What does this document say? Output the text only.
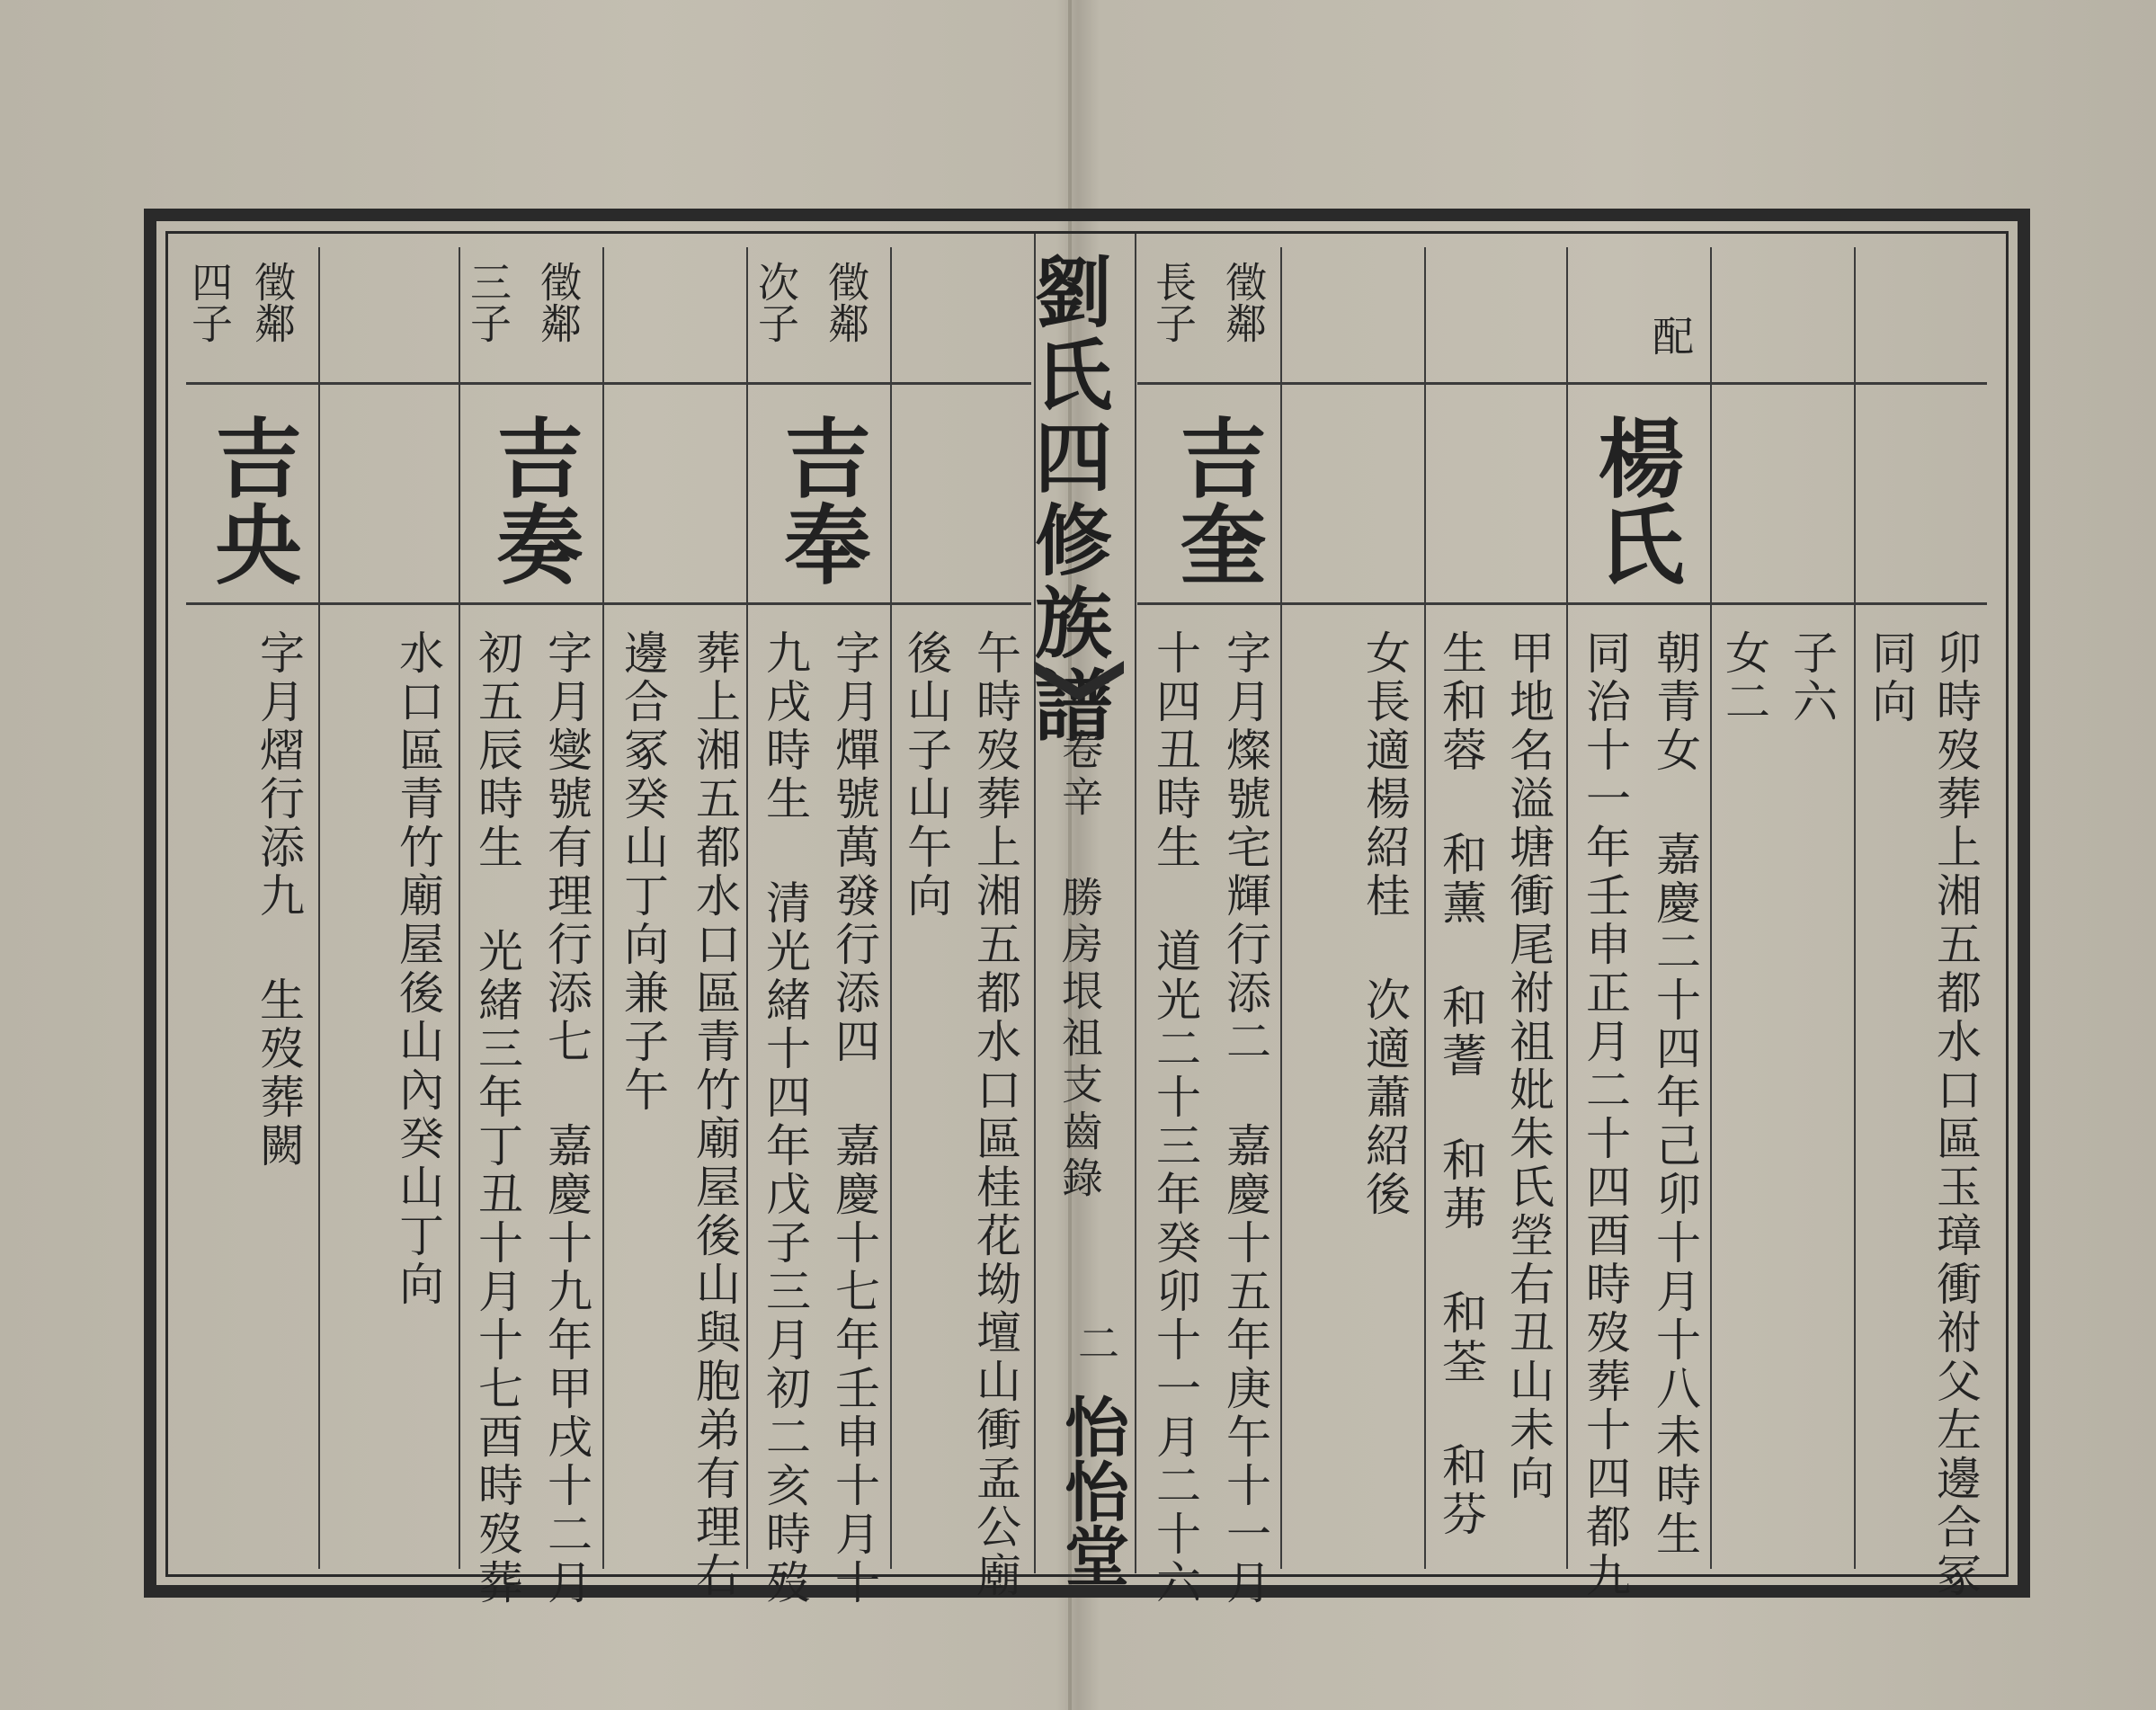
劉氏四修族譜
卷辛 勝房垠祖支齒錄
二
怡怡堂
四子 徵鄰
吉央
字月熠行添九 生歿葬闕 水口區青竹廟屋後山內癸山丁向
三子 徵鄰
吉奏
初五辰時生 光緒三年丁丑十月十七酉時歿葬 字月燮號有理行添七 嘉慶十九年甲戌十二月 邊合冢癸山丁向兼子午 葬上湘五都水口區青竹廟屋後山與胞弟有理右
次子 徵鄰
吉奉
九戌時生 清光緒十四年戊子三月初二亥時歿 字月燀號萬發行添四 嘉慶十七年壬申十月十 後山子山午向 午時歿葬上湘五都水口區桂花坳壇山衝孟公廟
長子 徵鄰
吉奎
十四丑時生 道光二十三年癸卯十一月二十六 字月燦號宅輝行添二 嘉慶十五年庚午十一月 女長適楊紹桂 次適蕭紹後 生和蓉 和薰 和蓍 和茀 和荃 和芬 甲地名溢塘衝尾祔祖妣朱氏塋右丑山未向
配
楊氏
同治十一年壬申正月二十四酉時歿葬十四都九 朝青女 嘉慶二十四年己卯十月十八未時生 女二 子六 同向 卯時歿葬上湘五都水口區玉璋衝祔父左邊合冢
